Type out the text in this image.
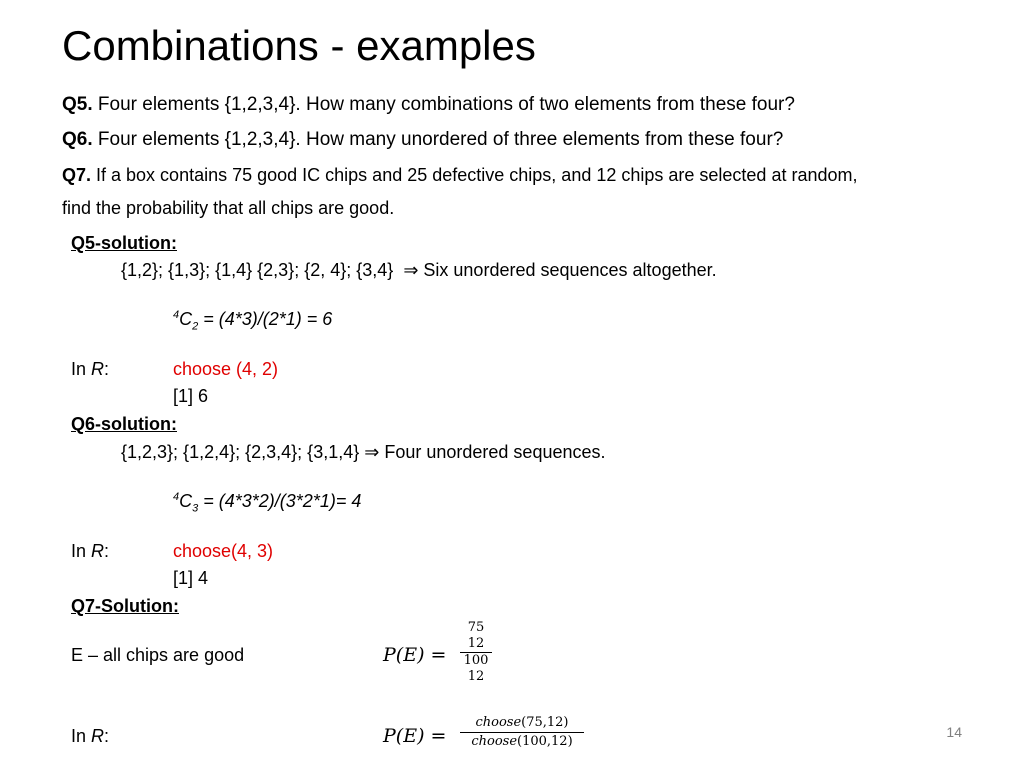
Combinations - examples
Q5. Four elements {1,2,3,4}. How many combinations of two elements from these four?
Q6. Four elements {1,2,3,4}. How many unordered of three elements from these four?
Q7. If a box contains 75 good IC chips and 25 defective chips, and 12 chips are selected at random,
find the probability that all chips are good.
Q5-solution:
{1,2}; {1,3}; {1,4} {2,3}; {2, 4}; {3,4} ⇒ Six unordered sequences altogether.
$^4C_2 = (4*3)/(2*1) = 6$
In R:	choose (4, 2)
[1] 6
Q6-solution:
{1,2,3}; {1,2,4}; {2,3,4}; {3,1,4} ⇒ Four unordered sequences.
$^4C_3 = (4*3*2)/(3*2*1)= 4$
In R:	choose(4, 3)
[1] 4
Q7-Solution:
E – all chips are good	P(E) =
75
12
100
12
In R:	P(E) =
choose(75,12)
choose(100,12)
14
